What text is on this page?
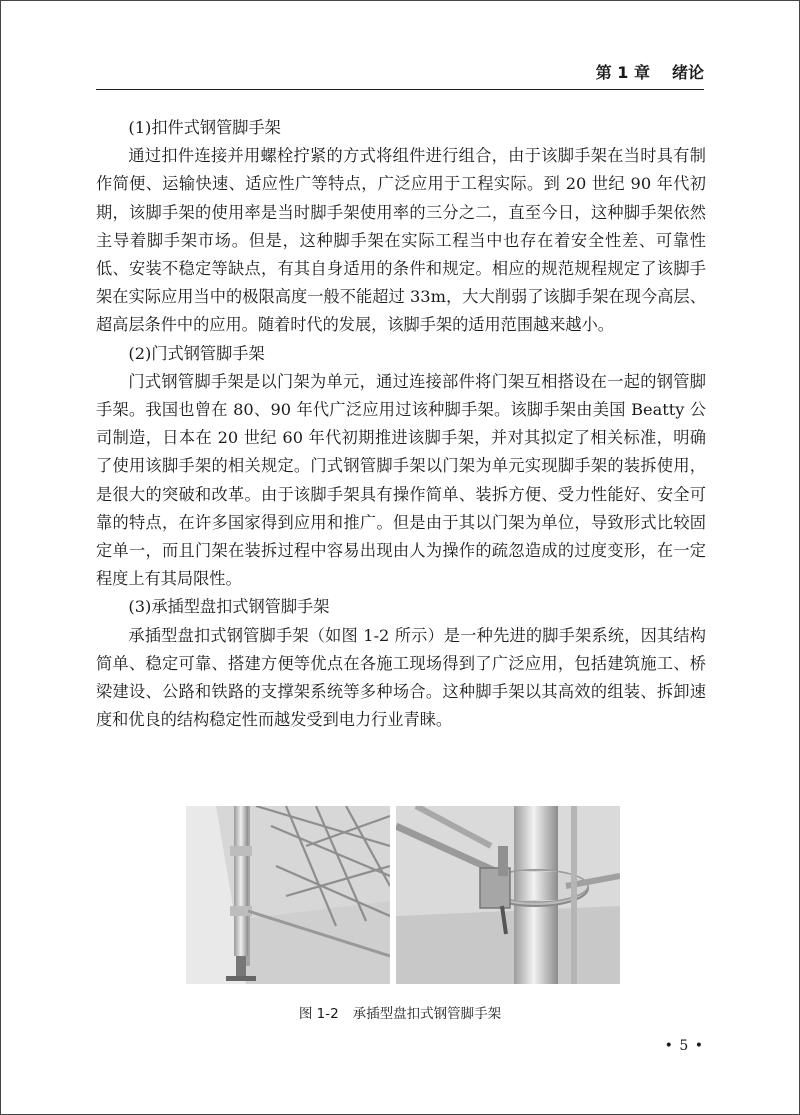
第 1 章 绪论

(1)扣件式钢管脚手架

通过扣件连接并用螺栓拧紧的方式将组件进行组合，由于该脚手架在当时具有制作简便、运输快速、适应性广等特点，广泛应用于工程实际。到 20 世纪 90 年代初期，该脚手架的使用率是当时脚手架使用率的三分之二，直至今日，这种脚手架依然主导着脚手架市场。但是，这种脚手架在实际工程当中也存在着安全性差、可靠性低、安装不稳定等缺点，有其自身适用的条件和规定。相应的规范规程规定了该脚手架在实际应用当中的极限高度一般不能超过 33m，大大削弱了该脚手架在现今高层、超高层条件中的应用。随着时代的发展，该脚手架的适用范围越来越小。

(2)门式钢管脚手架

门式钢管脚手架是以门架为单元，通过连接部件将门架互相搭设在一起的钢管脚手架。我国也曾在 80、90 年代广泛应用过该种脚手架。该脚手架由美国 Beatty 公司制造，日本在 20 世纪 60 年代初期推进该脚手架，并对其拟定了相关标准，明确了使用该脚手架的相关规定。门式钢管脚手架以门架为单元实现脚手架的装拆使用，是很大的突破和改革。由于该脚手架具有操作简单、装拆方便、受力性能好、安全可靠的特点，在许多国家得到应用和推广。但是由于其以门架为单位，导致形式比较固定单一，而且门架在装拆过程中容易出现由人为操作的疏忽造成的过度变形，在一定程度上有其局限性。

(3)承插型盘扣式钢管脚手架

承插型盘扣式钢管脚手架（如图 1-2 所示）是一种先进的脚手架系统，因其结构简单、稳定可靠、搭建方便等优点在各施工现场得到了广泛应用，包括建筑施工、桥梁建设、公路和铁路的支撑架系统等多种场合。这种脚手架以其高效的组装、拆卸速度和优良的结构稳定性而越发受到电力行业青睐。

图 1-2 承插型盘扣式钢管脚手架
• 5 •
